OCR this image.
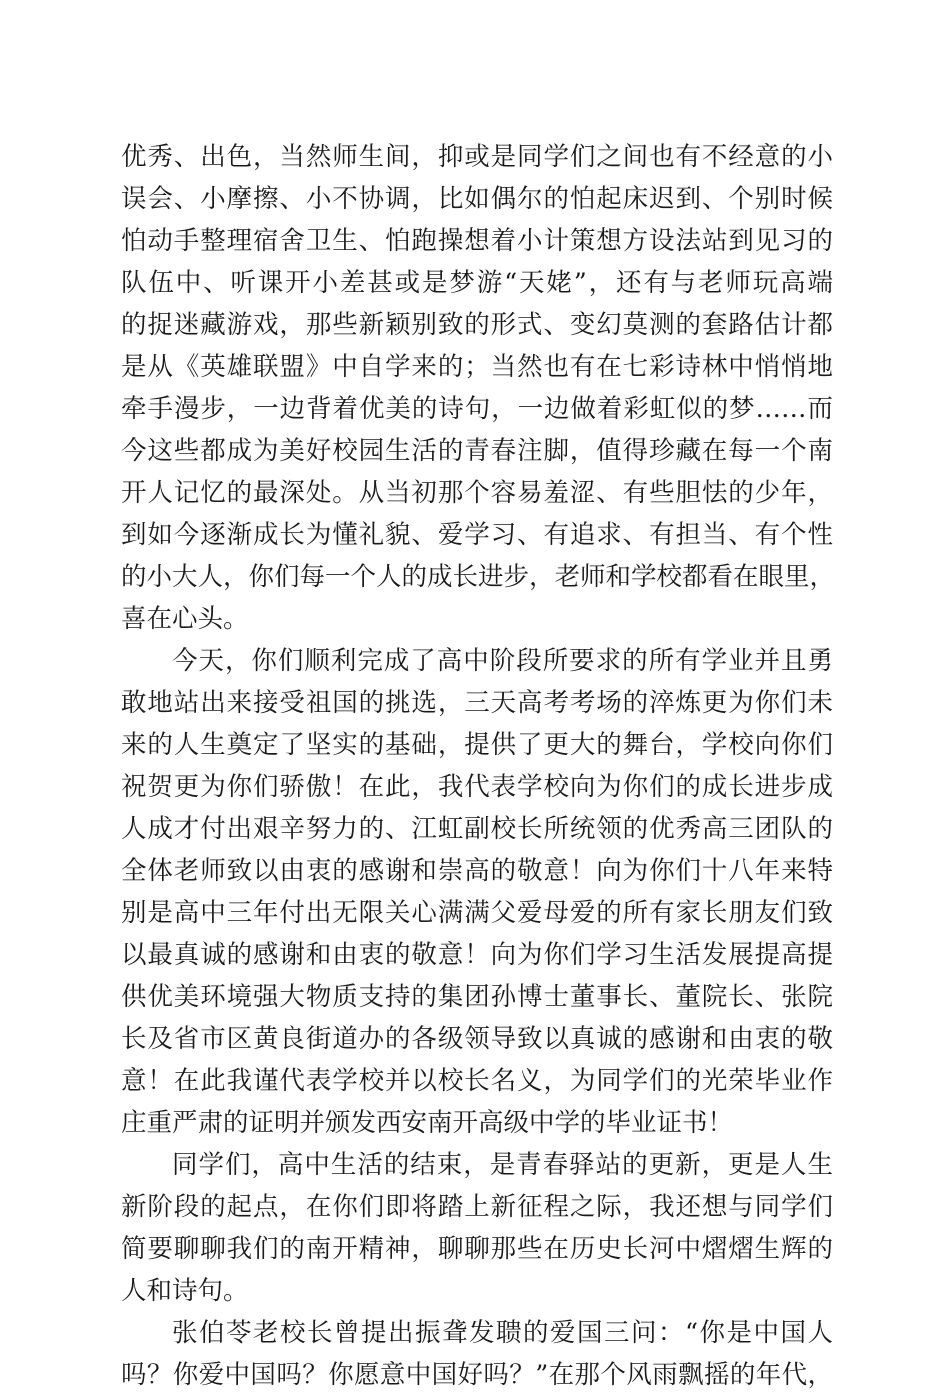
优秀、出色，当然师生间，抑或是同学们之间也有不经意的小
误会、小摩擦、小不协调，比如偶尔的怕起床迟到、个别时候
怕动手整理宿舍卫生、怕跑操想着小计策想方设法站到见习的
队伍中、听课开小差甚或是梦游“天姥”，还有与老师玩高端
的捉迷藏游戏，那些新颖别致的形式、变幻莫测的套路估计都
是从《英雄联盟》中自学来的；当然也有在七彩诗林中悄悄地
牵手漫步，一边背着优美的诗句，一边做着彩虹似的梦……而
今这些都成为美好校园生活的青春注脚，值得珍藏在每一个南
开人记忆的最深处。从当初那个容易羞涩、有些胆怯的少年，
到如今逐渐成长为懂礼貌、爱学习、有追求、有担当、有个性
的小大人，你们每一个人的成长进步，老师和学校都看在眼里，
喜在心头。
今天，你们顺利完成了高中阶段所要求的所有学业并且勇
敢地站出来接受祖国的挑选，三天高考考场的淬炼更为你们未
来的人生奠定了坚实的基础，提供了更大的舞台，学校向你们
祝贺更为你们骄傲！在此，我代表学校向为你们的成长进步成
人成才付出艰辛努力的、江虹副校长所统领的优秀高三团队的
全体老师致以由衷的感谢和崇高的敬意！向为你们十八年来特
别是高中三年付出无限关心满满父爱母爱的所有家长朋友们致
以最真诚的感谢和由衷的敬意！向为你们学习生活发展提高提
供优美环境强大物质支持的集团孙博士董事长、董院长、张院
长及省市区黄良街道办的各级领导致以真诚的感谢和由衷的敬
意！在此我谨代表学校并以校长名义，为同学们的光荣毕业作
庄重严肃的证明并颁发西安南开高级中学的毕业证书！
同学们，高中生活的结束，是青春驿站的更新，更是人生
新阶段的起点，在你们即将踏上新征程之际，我还想与同学们
简要聊聊我们的南开精神，聊聊那些在历史长河中熠熠生辉的
人和诗句。
张伯苓老校长曾提出振聋发聩的爱国三问：“你是中国人
吗？你爱中国吗？你愿意中国好吗？”在那个风雨飘摇的年代，
